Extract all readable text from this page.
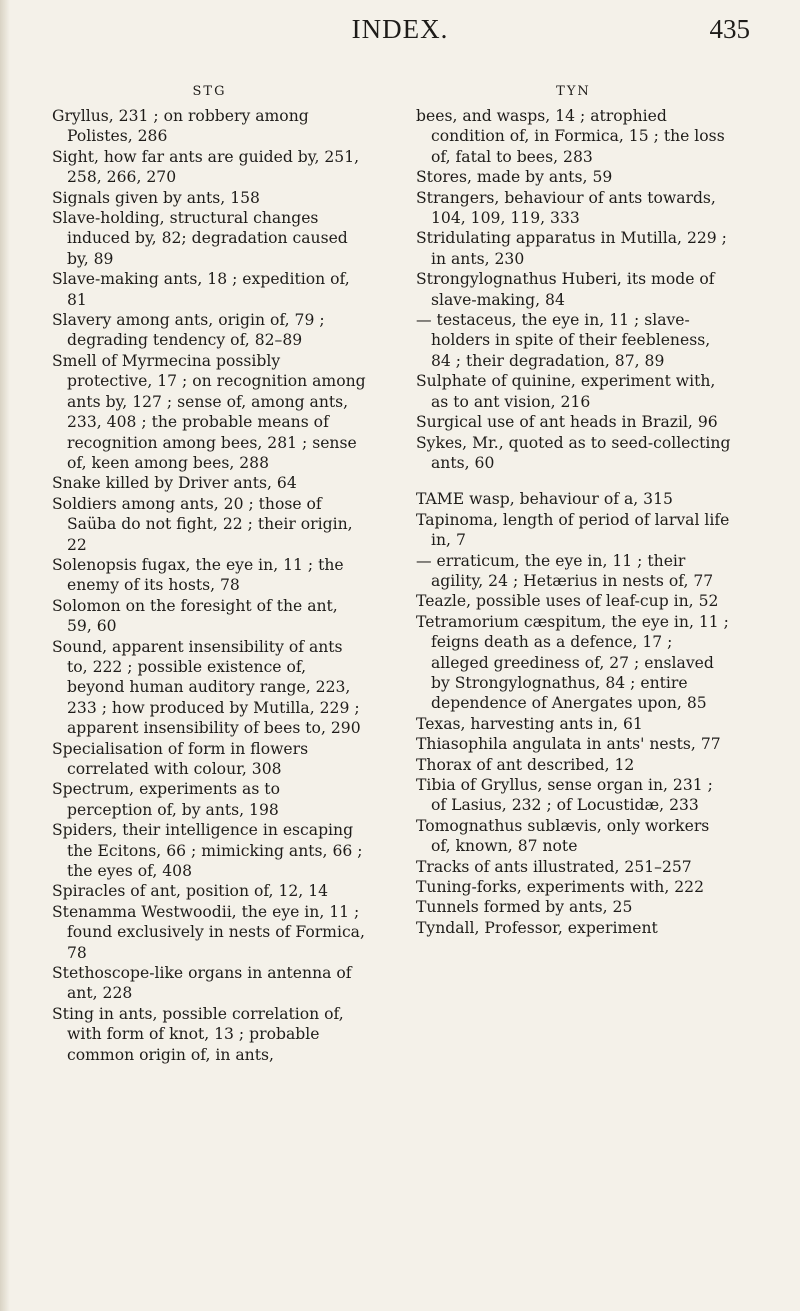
INDEX.	435
STG

Gryllus, 231 ; on robbery among Polistes, 286

Sight, how far ants are guided by, 251, 258, 266, 270

Signals given by ants, 158

Slave-holding, structural changes induced by, 82; degradation caused by, 89

Slave-making ants, 18 ; expedition of, 81

Slavery among ants, origin of, 79 ; degrading tendency of, 82–89

Smell of Myrmecina possibly protective, 17 ; on recognition among ants by, 127 ; sense of, among ants, 233, 408 ; the probable means of recognition among bees, 281 ; sense of, keen among bees, 288

Snake killed by Driver ants, 64

Soldiers among ants, 20 ; those of Saüba do not fight, 22 ; their origin, 22

Solenopsis fugax, the eye in, 11 ; the enemy of its hosts, 78

Solomon on the foresight of the ant, 59, 60

Sound, apparent insensibility of ants to, 222 ; possible existence of, beyond human auditory range, 223, 233 ; how produced by Mutilla, 229 ; apparent insensibility of bees to, 290

Specialisation of form in flowers correlated with colour, 308

Spectrum, experiments as to perception of, by ants, 198

Spiders, their intelligence in escaping the Ecitons, 66 ; mimicking ants, 66 ; the eyes of, 408

Spiracles of ant, position of, 12, 14

Stenamma Westwoodii, the eye in, 11 ; found exclusively in nests of Formica, 78

Stethoscope-like organs in antenna of ant, 228

Sting in ants, possible correlation of, with form of knot, 13 ; probable common origin of, in ants,

TYN

bees, and wasps, 14 ; atrophied condition of, in Formica, 15 ; the loss of, fatal to bees, 283

Stores, made by ants, 59

Strangers, behaviour of ants towards, 104, 109, 119, 333

Stridulating apparatus in Mutilla, 229 ; in ants, 230

Strongylognathus Huberi, its mode of slave-making, 84

— testaceus, the eye in, 11 ; slave-holders in spite of their feebleness, 84 ; their degradation, 87, 89

Sulphate of quinine, experiment with, as to ant vision, 216

Surgical use of ant heads in Brazil, 96

Sykes, Mr., quoted as to seed-collecting ants, 60

TAME wasp, behaviour of a, 315

Tapinoma, length of period of larval life in, 7

— erraticum, the eye in, 11 ; their agility, 24 ; Hetærius in nests of, 77

Teazle, possible uses of leaf-cup in, 52

Tetramorium cæspitum, the eye in, 11 ; feigns death as a defence, 17 ; alleged greediness of, 27 ; enslaved by Strongylognathus, 84 ; entire dependence of Anergates upon, 85

Texas, harvesting ants in, 61

Thiasophila angulata in ants' nests, 77

Thorax of ant described, 12

Tibia of Gryllus, sense organ in, 231 ; of Lasius, 232 ; of Locustidæ, 233

Tomognathus sublævis, only workers of, known, 87 note

Tracks of ants illustrated, 251–257

Tuning-forks, experiments with, 222

Tunnels formed by ants, 25

Tyndall, Professor, experiment
